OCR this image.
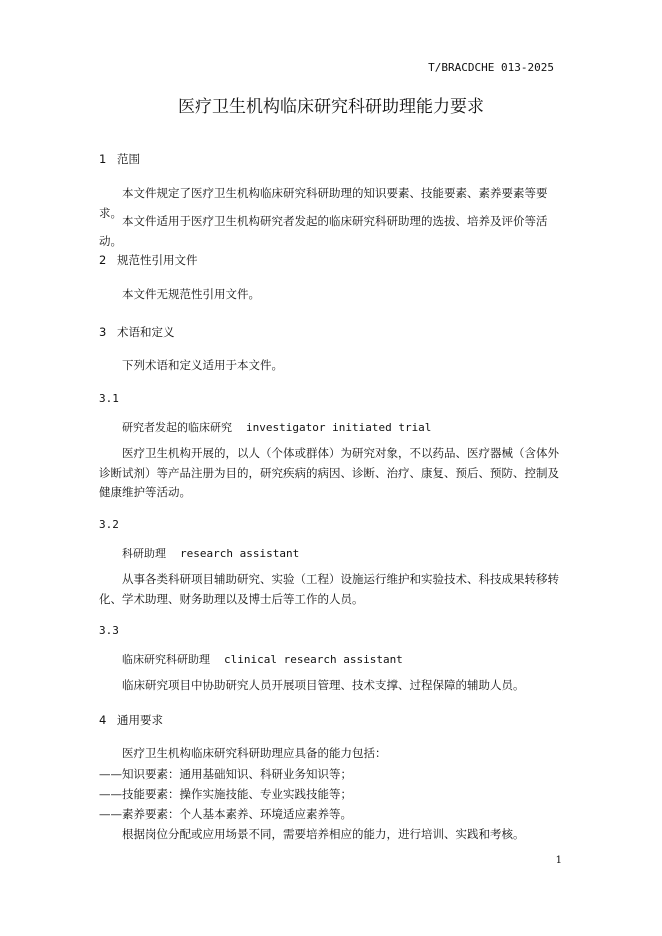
T/BRACDCHE 013-2025
医疗卫生机构临床研究科研助理能力要求
1 范围
本文件规定了医疗卫生机构临床研究科研助理的知识要素、技能要素、素养要素等要求。
本文件适用于医疗卫生机构研究者发起的临床研究科研助理的选拔、培养及评价等活动。
2 规范性引用文件
本文件无规范性引用文件。
3 术语和定义
下列术语和定义适用于本文件。
3.1
研究者发起的临床研究 investigator initiated trial
医疗卫生机构开展的，以人（个体或群体）为研究对象，不以药品、医疗器械（含体外诊断试剂）等产品注册为目的，研究疾病的病因、诊断、治疗、康复、预后、预防、控制及健康维护等活动。
3.2
科研助理 research assistant
从事各类科研项目辅助研究、实验（工程）设施运行维护和实验技术、科技成果转移转化、学术助理、财务助理以及博士后等工作的人员。
3.3
临床研究科研助理 clinical research assistant
临床研究项目中协助研究人员开展项目管理、技术支撑、过程保障的辅助人员。
4 通用要求
医疗卫生机构临床研究科研助理应具备的能力包括：
——知识要素：通用基础知识、科研业务知识等；
——技能要素：操作实施技能、专业实践技能等；
——素养要素：个人基本素养、环境适应素养等。
根据岗位分配或应用场景不同，需要培养相应的能力，进行培训、实践和考核。
1
